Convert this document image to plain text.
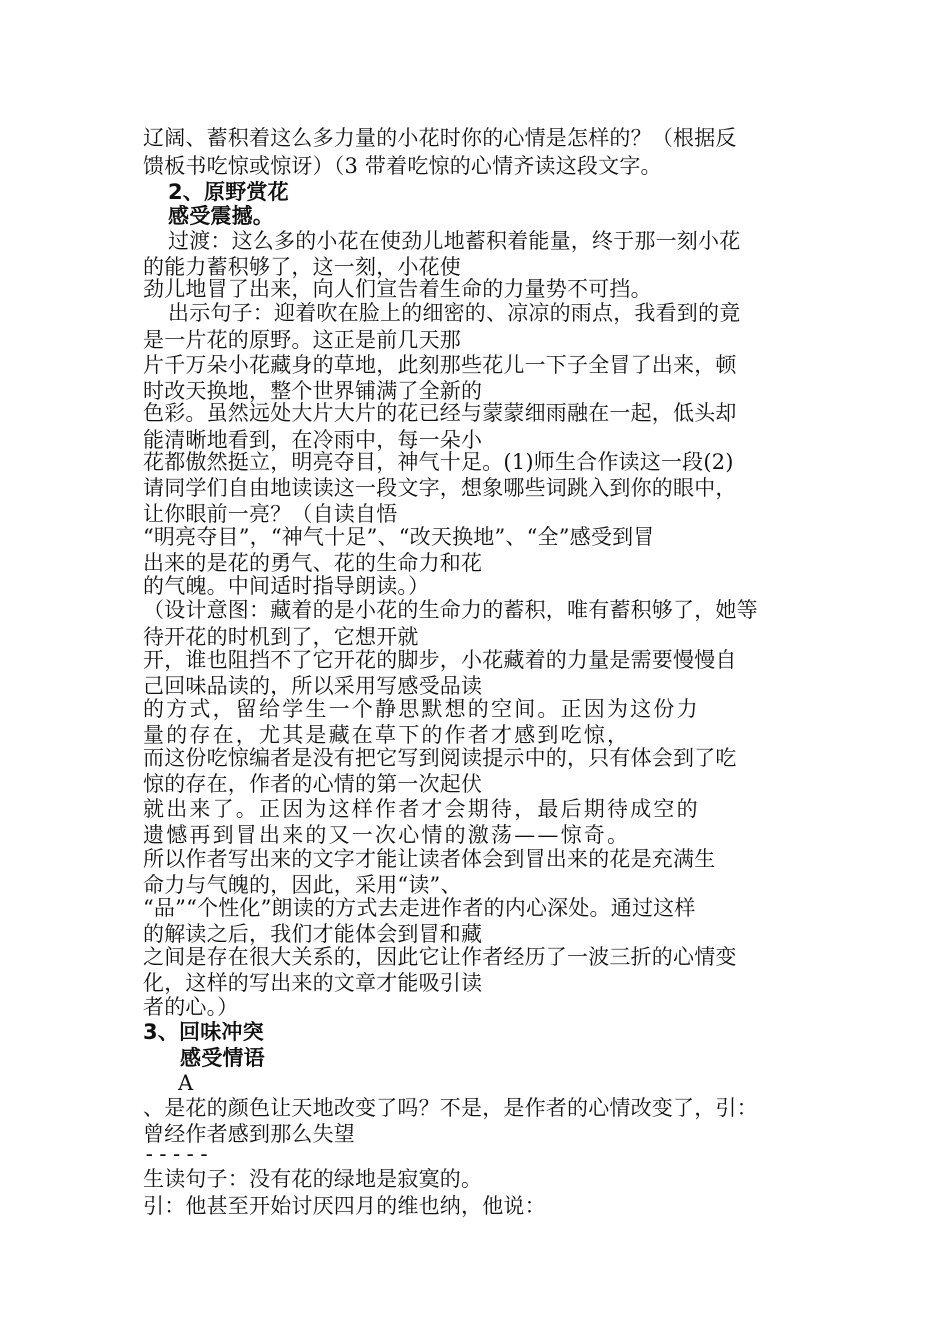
辽阔、蓄积着这么多力量的小花时你的心情是怎样的？（根据反
馈板书吃惊或惊讶）（3 带着吃惊的心情齐读这段文字。
2、原野赏花
感受震撼。
过渡：这么多的小花在使劲儿地蓄积着能量，终于那一刻小花
的能力蓄积够了，这一刻，小花使
劲儿地冒了出来，向人们宣告着生命的力量势不可挡。
出示句子：迎着吹在脸上的细密的、凉凉的雨点，我看到的竟
是一片花的原野。这正是前几天那
片千万朵小花藏身的草地，此刻那些花儿一下子全冒了出来，顿
时改天换地，整个世界铺满了全新的
色彩。虽然远处大片大片的花已经与蒙蒙细雨融在一起，低头却
能清晰地看到，在冷雨中，每一朵小
花都傲然挺立，明亮夺目，神气十足。(1)师生合作读这一段(2)
请同学们自由地读读这一段文字，想象哪些词跳入到你的眼中，
让你眼前一亮？（自读自悟
“明亮夺目”，“神气十足”、“改天换地”、“全”感受到冒
出来的是花的勇气、花的生命力和花
的气魄。中间适时指导朗读。）
（设计意图：藏着的是小花的生命力的蓄积，唯有蓄积够了，她等
待开花的时机到了，它想开就
开，谁也阻挡不了它开花的脚步，小花藏着的力量是需要慢慢自
己回味品读的，所以采用写感受品读
的方式，留给学生一个静思默想的空间。正因为这份力
量的存在，尤其是藏在草下的作者才感到吃惊，
而这份吃惊编者是没有把它写到阅读提示中的，只有体会到了吃
惊的存在，作者的心情的第一次起伏
就出来了。正因为这样作者才会期待，最后期待成空的
遗憾再到冒出来的又一次心情的激荡——惊奇。
所以作者写出来的文字才能让读者体会到冒出来的花是充满生
命力与气魄的，因此，采用“读”、
“品”“个性化”朗读的方式去走进作者的内心深处。通过这样
的解读之后，我们才能体会到冒和藏
之间是存在很大关系的，因此它让作者经历了一波三折的心情变
化，这样的写出来的文章才能吸引读
者的心。）
3、回味冲突
感受情语
A
、是花的颜色让天地改变了吗？不是，是作者的心情改变了，引：
曾经作者感到那么失望
-----
生读句子：没有花的绿地是寂寞的。
引：他甚至开始讨厌四月的维也纳，他说：
